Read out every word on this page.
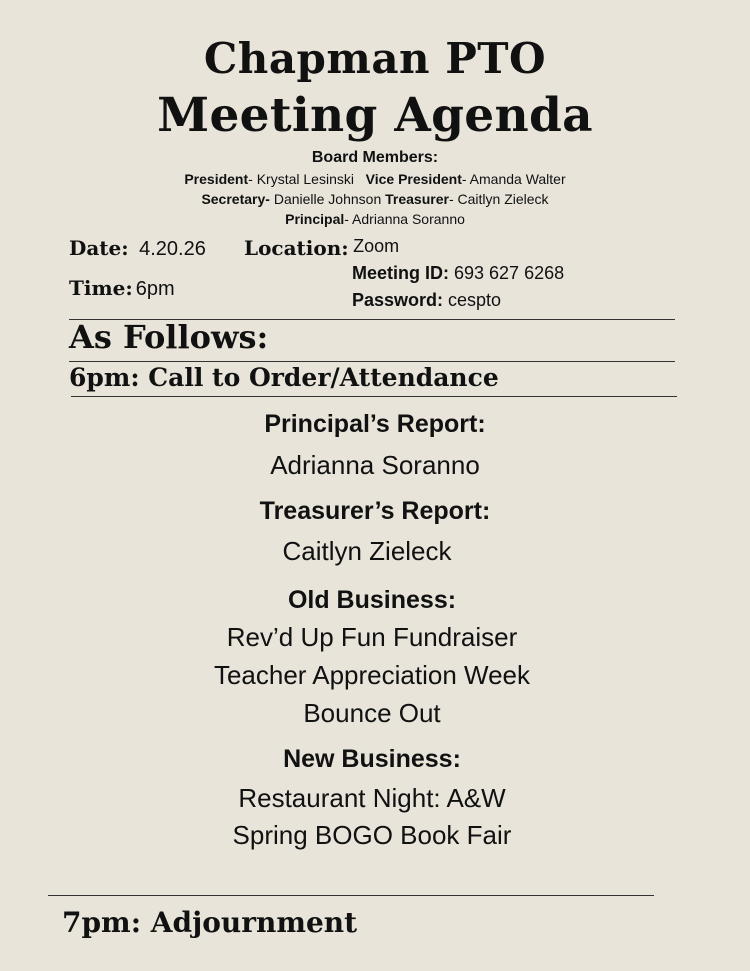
Chapman PTO
Meeting Agenda
Board Members:
President- Krystal Lesinski Vice President- Amanda Walter
Secretary- Danielle Johnson Treasurer- Caitlyn Zieleck
Principal- Adrianna Soranno
Date: 4.20.26
Time: 6pm
Location: Zoom
Meeting ID: 693 627 6268
Password: cespto
As Follows:
6pm: Call to Order/Attendance
Principal’s Report:
Adrianna Soranno
Treasurer’s Report:
Caitlyn Zieleck
Old Business:
Rev’d Up Fun Fundraiser
Teacher Appreciation Week
Bounce Out
New Business:
Restaurant Night: A&W
Spring BOGO Book Fair
7pm: Adjournment
